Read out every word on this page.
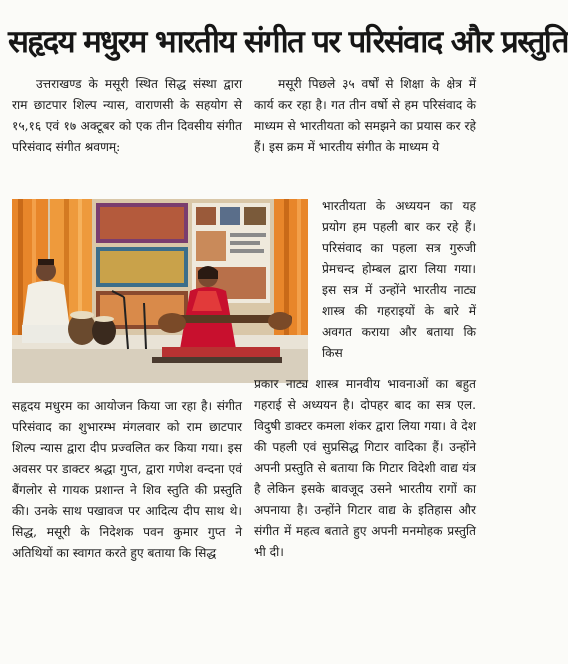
सहृदय मधुरम भारतीय संगीत पर परिसंवाद और प्रस्तुति

उत्तराखण्ड के मसूरी स्थित सिद्ध संस्था द्वारा राम छाटपार शिल्प न्यास, वाराणसी के सहयोग से १५,१६ एवं १७ अक्टूबर को एक तीन दिवसीय संगीत परिसंवाद संगीत श्रवणम्:

मसूरी पिछले ३५ वर्षों से शिक्षा के क्षेत्र में कार्य कर रहा है। गत तीन वर्षो से हम परिसंवाद के माध्यम से भारतीयता को समझने का प्रयास कर रहे हैं। इस क्रम में भारतीय संगीत के माध्यम ये

भारतीयता के अध्ययन का यह प्रयोग हम पहली बार कर रहे हैं। परिसंवाद का पहला सत्र गुरुजी प्रेमचन्द होम्बल द्वारा लिया गया। इस सत्र में उन्होंने भारतीय नाट्य शास्त्र की गहराइयों के बारे में अवगत कराया और बताया कि किस

सहृदय मधुरम का आयोजन किया जा रहा है। संगीत परिसंवाद का शुभारम्भ मंगलवार को राम छाटपार शिल्प न्यास द्वारा दीप प्रज्वलित कर किया गया। इस अवसर पर डाक्टर श्रद्धा गुप्त, द्वारा गणेश वन्दना एवं बैंगलोर से गायक प्रशान्त ने शिव स्तुति की प्रस्तुति की। उनके साथ पखावज पर आदित्य दीप साथ थे। सिद्ध, मसूरी के निदेशक पवन कुमार गुप्त ने अतिथियों का स्वागत करते हुए बताया कि सिद्ध

प्रकार नाट्य शास्त्र मानवीय भावनाओं का बहुत गहराई से अध्ययन है। दोपहर बाद का सत्र एल. विदुषी डाक्टर कमला शंकर द्वारा लिया गया। वे देश की पहली एवं सुप्रसिद्ध गिटार वादिका हैं। उन्होंने अपनी प्रस्तुति से बताया कि गिटार विदेशी वाद्य यंत्र है लेकिन इसके बावजूद उसने भारतीय रागों का अपनाया है। उन्होंने गिटार वाद्य के इतिहास और संगीत में महत्व बताते हुए अपनी मनमोहक प्रस्तुति भी दी।
